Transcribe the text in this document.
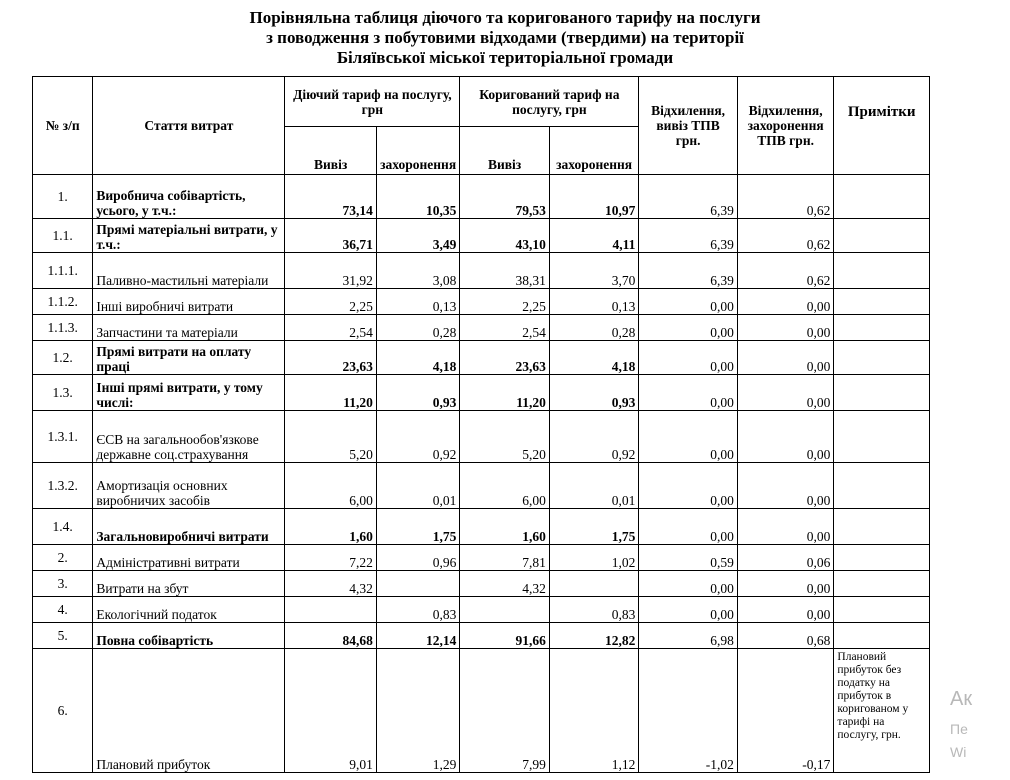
Порівняльна таблиця діючого та коригованого тарифу на послуги
з поводження з побутовими відходами (твердими) на території
Біляївської міської територіальної громади
№ з/п	Стаття витрат	Діючий тариф на послугу, грн		Коригований тариф на послугу, грн		Відхилення, вивіз ТПВ грн.	Відхилення, захоронення ТПВ грн.	Примітки
		Вивіз	захоронення	Вивіз	захоронення			
1.	Виробнича собівартість, усього, у т.ч.:	73,14	10,35	79,53	10,97	6,39	0,62	
1.1.	Прямі матеріальні витрати, у т.ч.:	36,71	3,49	43,10	4,11	6,39	0,62	
1.1.1.	Паливно-мастильні матеріали	31,92	3,08	38,31	3,70	6,39	0,62	
1.1.2.	Інші виробничі витрати	2,25	0,13	2,25	0,13	0,00	0,00	
1.1.3.	Запчастини та матеріали	2,54	0,28	2,54	0,28	0,00	0,00	
1.2.	Прямі витрати на оплату праці	23,63	4,18	23,63	4,18	0,00	0,00	
1.3.	Інші прямі витрати, у тому числі:	11,20	0,93	11,20	0,93	0,00	0,00	
1.3.1.	ЄСВ на загальнообов'язкове державне соц.страхування	5,20	0,92	5,20	0,92	0,00	0,00	
1.3.2.	Амортизація основних виробничих засобів	6,00	0,01	6,00	0,01	0,00	0,00	
1.4.	Загальновиробничі витрати	1,60	1,75	1,60	1,75	0,00	0,00	
2.	Адміністративні витрати	7,22	0,96	7,81	1,02	0,59	0,06	
3.	Витрати на збут	4,32		4,32		0,00	0,00	
4.	Екологічний податок		0,83		0,83	0,00	0,00	
5.	Повна собівартість	84,68	12,14	91,66	12,82	6,98	0,68	
6.	Плановий прибуток	9,01	1,29	7,99	1,12	-1,02	-0,17	Плановий прибуток без податку на прибуток в коригованом у тарифі на послугу, грн.
Ак
Пе
Wi
